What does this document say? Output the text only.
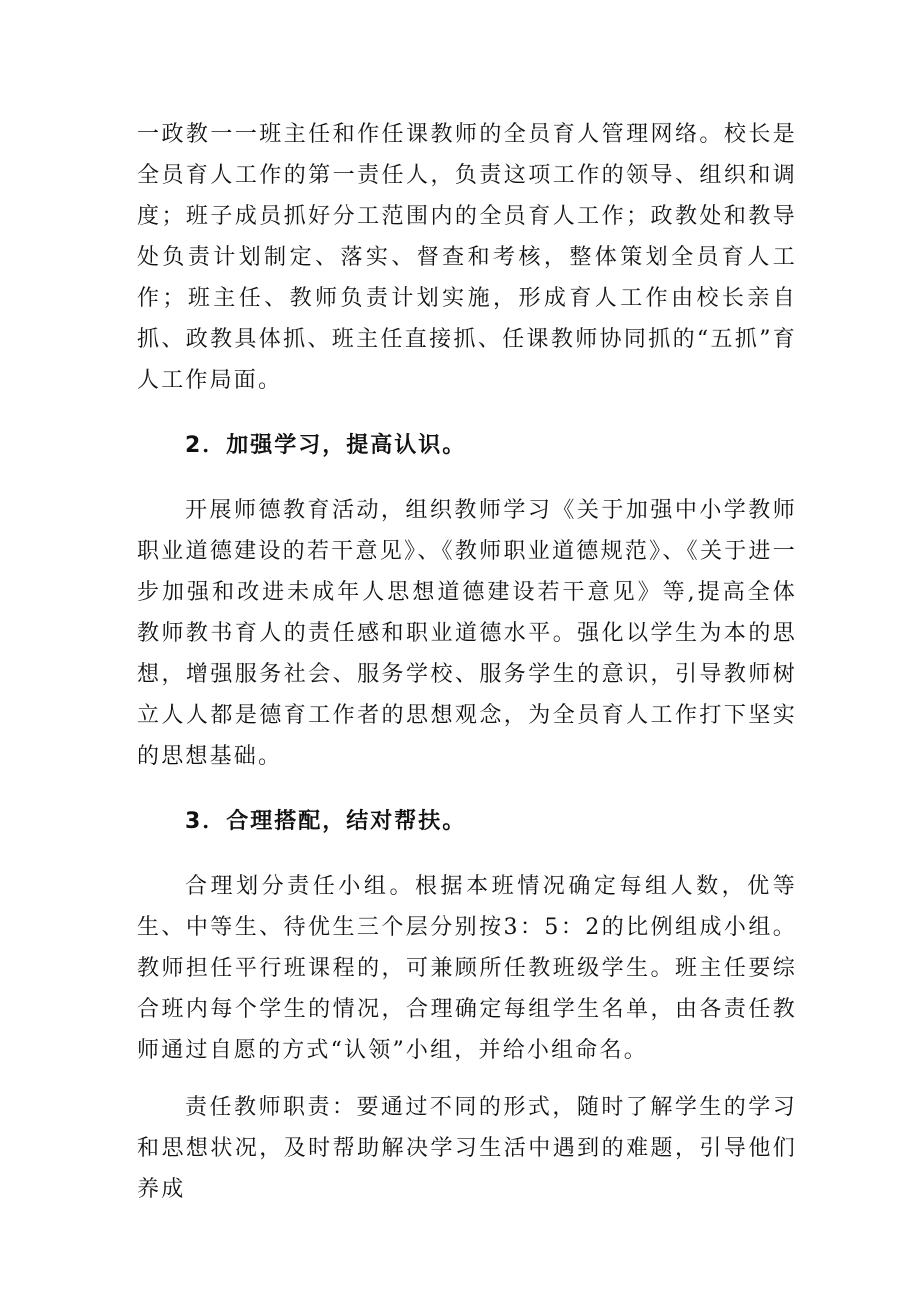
一政教一一班主任和作任课教师的全员育人管理网络。校长是全员育人工作的第一责任人，负责这项工作的领导、组织和调度；班子成员抓好分工范围内的全员育人工作；政教处和教导处负责计划制定、落实、督查和考核，整体策划全员育人工作；班主任、教师负责计划实施，形成育人工作由校长亲自抓、政教具体抓、班主任直接抓、任课教师协同抓的“五抓”育人工作局面。

2．加强学习，提高认识。

开展师德教育活动，组织教师学习《关于加强中小学教师职业道德建设的若干意见》、《教师职业道德规范》、《关于进一步加强和改进未成年人思想道德建设若干意见》等,提高全体教师教书育人的责任感和职业道德水平。强化以学生为本的思想，增强服务社会、服务学校、服务学生的意识，引导教师树立人人都是德育工作者的思想观念，为全员育人工作打下坚实的思想基础。

3．合理搭配，结对帮扶。

合理划分责任小组。根据本班情况确定每组人数，优等生、中等生、待优生三个层分别按3：5：2的比例组成小组。教师担任平行班课程的，可兼顾所任教班级学生。班主任要综合班内每个学生的情况，合理确定每组学生名单，由各责任教师通过自愿的方式“认领”小组，并给小组命名。

责任教师职责：要通过不同的形式，随时了解学生的学习和思想状况，及时帮助解决学习生活中遇到的难题，引导他们养成
